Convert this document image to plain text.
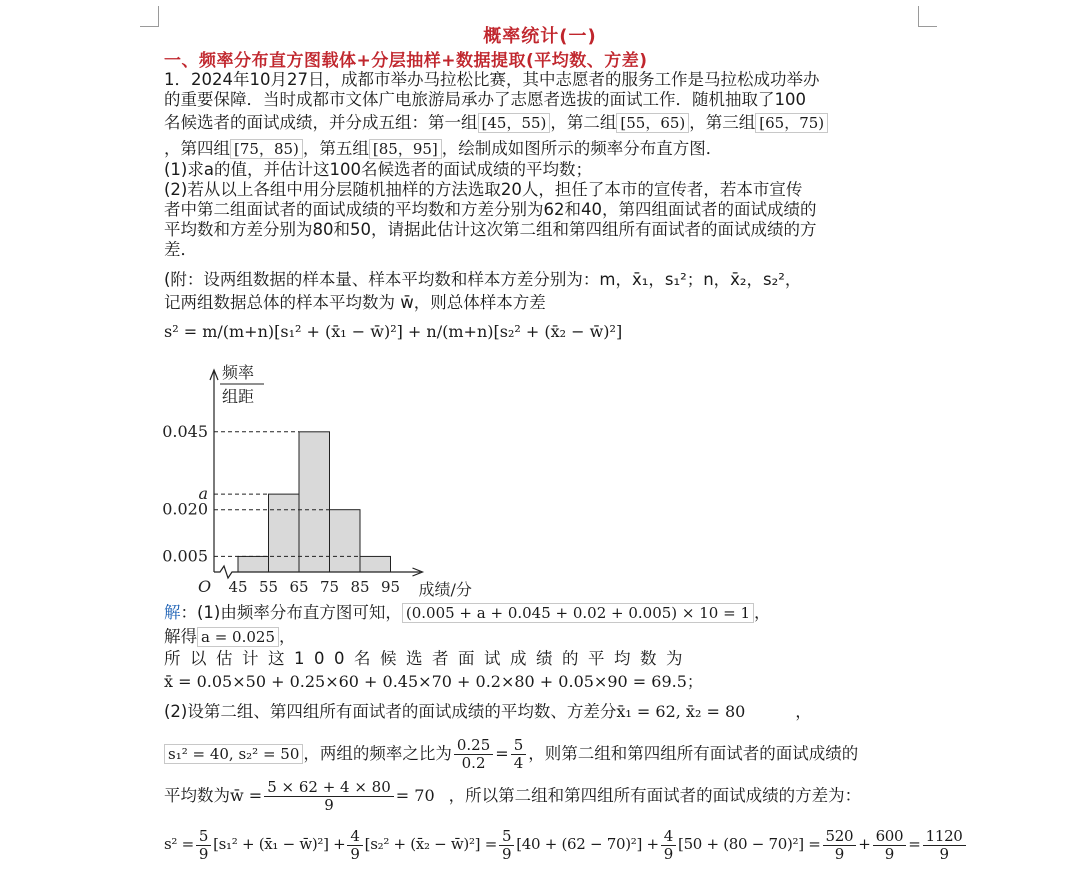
概率统计(一)
一、频率分布直方图载体+分层抽样+数据提取(平均数、方差)
1．2024年10月27日，成都市举办马拉松比赛，其中志愿者的服务工作是马拉松成功举办
的重要保障．当时成都市文体广电旅游局承办了志愿者选拔的面试工作．随机抽取了100
名候选者的面试成绩，并分成五组：第一组 [45，55) ，第二组 [55，65) ，第三组 [65，75)
，第四组 [75，85) ，第五组 [85，95] ，绘制成如图所示的频率分布直方图．
(1)求a的值，并估计这100名候选者的面试成绩的平均数；
(2)若从以上各组中用分层随机抽样的方法选取20人，担任了本市的宣传者，若本市宣传
者中第二组面试者的面试成绩的平均数和方差分别为62和40，第四组面试者的面试成绩的
平均数和方差分别为80和50，请据此估计这次第二组和第四组所有面试者的面试成绩的方
差．
(附：设两组数据的样本量、样本平均数和样本方差分别为：m，x̄₁，s₁²；n，x̄₂，s₂²，
记两组数据总体的样本平均数为 w̄，则总体样本方差
s² = m/(m+n)[s₁² + (x̄₁ − w̄)²] + n/(m+n)[s₂² + (x̄₂ − w̄)²]
0.005
0.020
a
0.045
45 55 65 75 85 95
O
频率
组距
成绩/分
解：(1)由频率分布直方图可知， (0.005 + a + 0.045 + 0.02 + 0.005) × 10 = 1 ，
解得 a = 0.025 ，
所以估计这100名候选者面试成绩的平均数为
x̄ = 0.05×50 + 0.25×60 + 0.45×70 + 0.2×80 + 0.05×90 = 69.5；
(2)设第二组、第四组所有面试者的面试成绩的平均数、方差分x̄₁ = 62, x̄₂ = 80	，
s₁² = 40, s₂² = 50 ，两组的频率之比为 $\frac{0.25}{0.2} = \frac{5}{4}$ ，则第二组和第四组所有面试者的面试成绩的
平均数为w̄ = $\frac{5 \times 62 + 4 \times 80}{9} = 70$ ，所以第二组和第四组所有面试者的面试成绩的方差为：
$s^2 = \frac{5}{9} [s_1^2$ + (x̄₁ − w̄)²] + $\frac{4}{9} [s_2^2$ + (x̄₂ − w̄)²] = $\frac{5}{9} [40 + (62 - 70)^2] + \frac{4}{9} [50 + (80 - 70)^2] = \frac{520}{9} + \frac{600}{9} = \frac{1120}{9}$
